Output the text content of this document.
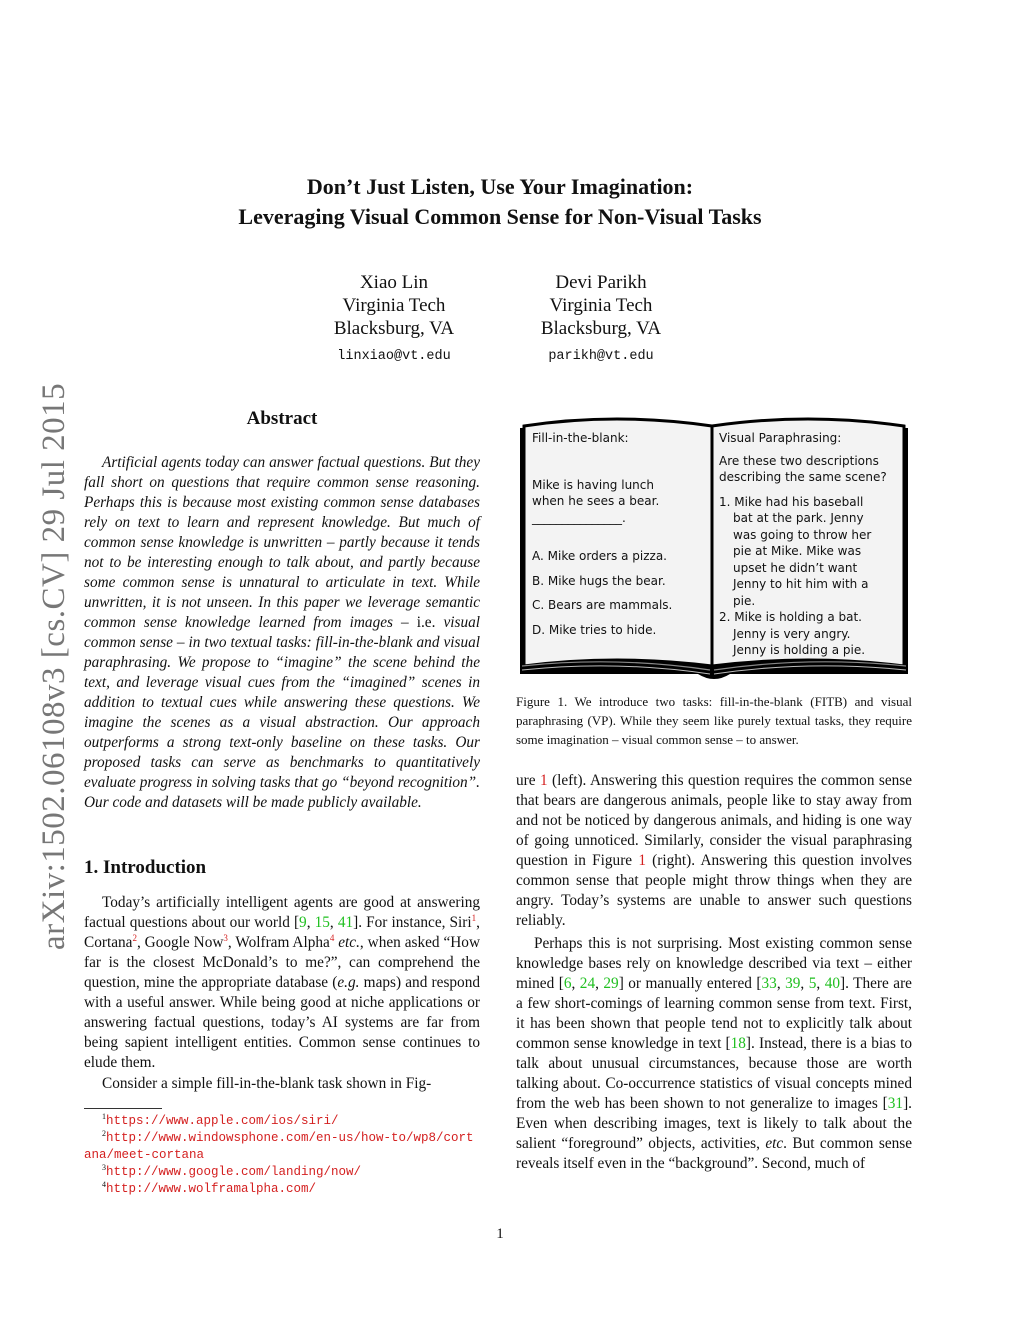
arXiv:1502.06108v3 [cs.CV] 29 Jul 2015
Don’t Just Listen, Use Your Imagination:
Leveraging Visual Common Sense for Non-Visual Tasks
Xiao Lin
Virginia Tech
Blacksburg, VA
linxiao@vt.edu
Devi Parikh
Virginia Tech
Blacksburg, VA
parikh@vt.edu
Abstract

Artificial agents today can answer factual questions. But they fall short on questions that require common sense reasoning. Perhaps this is because most existing common sense databases rely on text to learn and represent knowledge. But much of common sense knowledge is unwritten – partly because it tends not to be interesting enough to talk about, and partly because some common sense is unnatural to articulate in text. While unwritten, it is not unseen. In this paper we leverage semantic common sense knowledge learned from images – i.e. visual common sense – in two textual tasks: fill-in-the-blank and visual paraphrasing. We propose to “imagine” the scene behind the text, and leverage visual cues from the “imagined” scenes in addition to textual cues while answering these questions. We imagine the scenes as a visual abstraction. Our approach outperforms a strong text-only baseline on these tasks. Our proposed tasks can serve as benchmarks to quantitatively evaluate progress in solving tasks that go “beyond recognition”. Our code and datasets will be made publicly available.

1. Introduction

Today’s artificially intelligent agents are good at answering factual questions about our world [9, 15, 41]. For instance, Siri$^1$, Cortana$^2$, Google Now$^3$, Wolfram Alpha$^4$ etc., when asked “How far is the closest McDonald’s to me?”, can comprehend the question, mine the appropriate database (e.g. maps) and respond with a useful answer. While being good at niche applications or answering factual questions, today’s AI systems are far from being sapient intelligent entities. Common sense continues to elude them.

Consider a simple fill-in-the-blank task shown in Fig-

$^1$https://www.apple.com/ios/siri/
$^2$http://www.windowsphone.com/en-us/how-to/wp8/cortana/meet-cortana
$^3$http://www.google.com/landing/now/
$^4$http://www.wolframalpha.com/
Fill-in-the-blank:
Mike is having lunch
when he sees a bear.
_______________.
A. Mike orders a pizza.
B. Mike hugs the bear.
C. Bears are mammals.
D. Mike tries to hide.
Visual Paraphrasing:
Are these two descriptions
describing the same scene?
1. Mike had his baseball
bat at the park. Jenny
was going to throw her
pie at Mike. Mike was
upset he didn’t want
Jenny to hit him with a
pie.
2. Mike is holding a bat.
Jenny is very angry.
Jenny is holding a pie.

Figure 1. We introduce two tasks: fill-in-the-blank (FITB) and visual paraphrasing (VP). While they seem like purely textual tasks, they require some imagination – visual common sense – to answer.

ure 1 (left). Answering this question requires the common sense that bears are dangerous animals, people like to stay away from and not be noticed by dangerous animals, and hiding is one way of going unnoticed. Similarly, consider the visual paraphrasing question in Figure 1 (right). Answering this question involves common sense that people might throw things when they are angry. Today’s systems are unable to answer such questions reliably.

Perhaps this is not surprising. Most existing common sense knowledge bases rely on knowledge described via text – either mined [6, 24, 29] or manually entered [33, 39, 5, 40]. There are a few short-comings of learning common sense from text. First, it has been shown that people tend not to explicitly talk about common sense knowledge in text [18]. Instead, there is a bias to talk about unusual circumstances, because those are worth talking about. Co-occurrence statistics of visual concepts mined from the web has been shown to not generalize to images [31]. Even when describing images, text is likely to talk about the salient “foreground” objects, activities, etc. But common sense reveals itself even in the “background”. Second, much of

1
